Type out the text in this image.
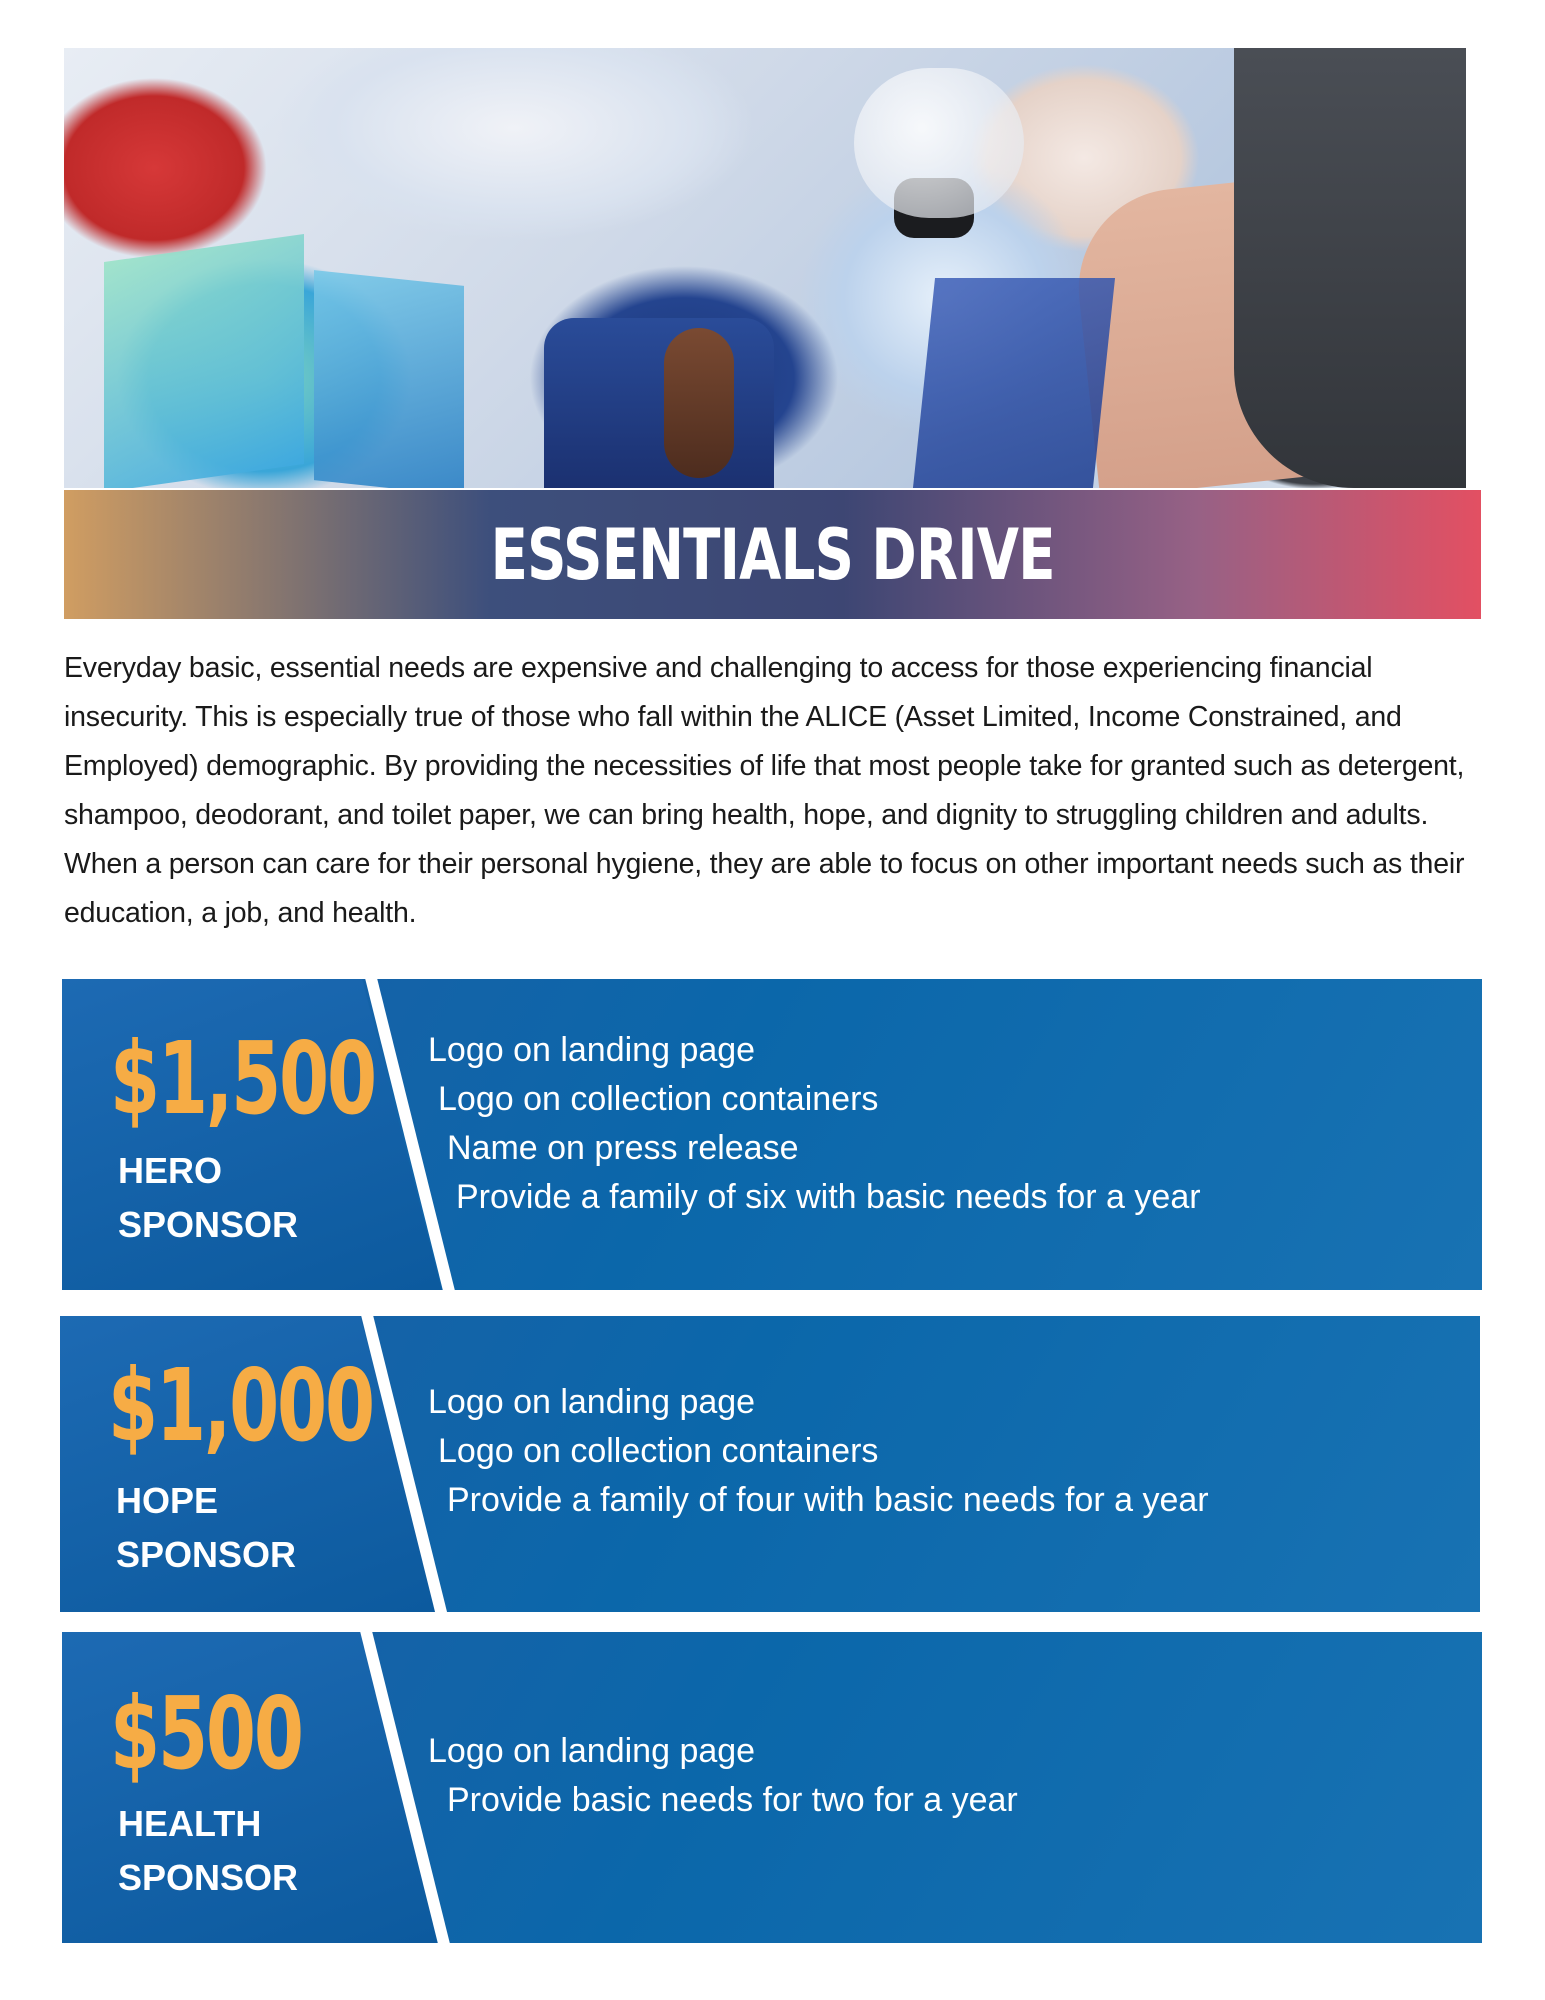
ESSENTIALS DRIVE
Everyday basic, essential needs are expensive and challenging to access for those experiencing financial insecurity. This is especially true of those who fall within the ALICE (Asset Limited, Income Constrained, and Employed) demographic. By providing the necessities of life that most people take for granted such as detergent, shampoo, deodorant, and toilet paper, we can bring health, hope, and dignity to struggling children and adults. When a person can care for their personal hygiene, they are able to focus on other important needs such as their education, a job, and health.
$1,500
HERO
SPONSOR
Logo on landing page
Logo on collection containers
Name on press release
Provide a family of six with basic needs for a year
$1,000
HOPE
SPONSOR
Logo on landing page
Logo on collection containers
Provide a family of four with basic needs for a year
$500
HEALTH
SPONSOR
Logo on landing page
Provide basic needs for two for a year
